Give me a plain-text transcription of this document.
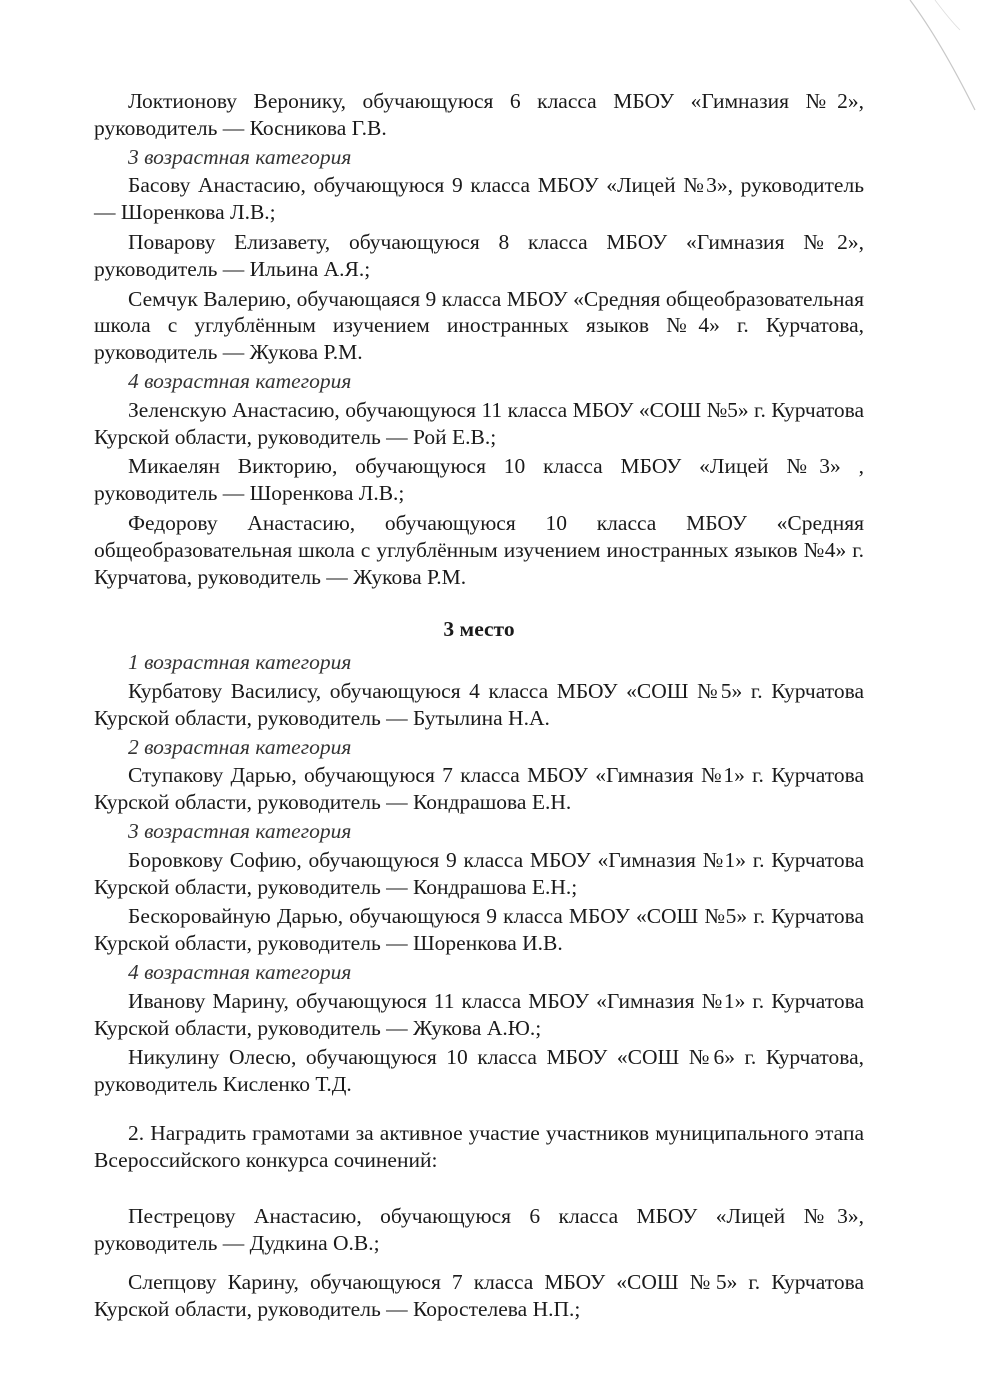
Локтионову Веронику, обучающуюся 6 класса МБОУ «Гимназия №2», руководитель — Косникова Г.В.

3 возрастная категория

Басову Анастасию, обучающуюся 9 класса МБОУ «Лицей №3», руководитель — Шоренкова Л.В.;

Поварову Елизавету, обучающуюся 8 класса МБОУ «Гимназия №2», руководитель — Ильина А.Я.;

Семчук Валерию, обучающаяся 9 класса МБОУ «Средняя общеобразовательная школа с углублённым изучением иностранных языков №4» г. Курчатова, руководитель — Жукова Р.М.

4 возрастная категория

Зеленскую Анастасию, обучающуюся 11 класса МБОУ «СОШ №5» г. Курчатова Курской области, руководитель — Рой Е.В.;

Микаелян Викторию, обучающуюся 10 класса МБОУ «Лицей №3» , руководитель — Шоренкова Л.В.;

Федорову Анастасию, обучающуюся 10 класса МБОУ «Средняя общеобразовательная школа с углублённым изучением иностранных языков №4» г. Курчатова, руководитель — Жукова Р.М.

3 место

1 возрастная категория

Курбатову Василису, обучающуюся 4 класса МБОУ «СОШ №5» г. Курчатова Курской области, руководитель — Бутылина Н.А.

2 возрастная категория

Ступакову Дарью, обучающуюся 7 класса МБОУ «Гимназия №1» г. Курчатова Курской области, руководитель — Кондрашова Е.Н.

3 возрастная категория

Боровкову Софию, обучающуюся 9 класса МБОУ «Гимназия №1» г. Курчатова Курской области, руководитель — Кондрашова Е.Н.;

Бескоровайную Дарью, обучающуюся 9 класса МБОУ «СОШ №5» г. Курчатова Курской области, руководитель — Шоренкова И.В.

4 возрастная категория

Иванову Марину, обучающуюся 11 класса МБОУ «Гимназия №1» г. Курчатова Курской области, руководитель — Жукова А.Ю.;

Никулину Олесю, обучающуюся 10 класса МБОУ «СОШ №6» г. Курчатова, руководитель Кисленко Т.Д.

2. Наградить грамотами за активное участие участников муниципального этапа Всероссийского конкурса сочинений:

Пестрецову Анастасию, обучающуюся 6 класса МБОУ «Лицей №3», руководитель — Дудкина О.В.;

Слепцову Карину, обучающуюся 7 класса МБОУ «СОШ №5» г. Курчатова Курской области, руководитель — Коростелева Н.П.;
